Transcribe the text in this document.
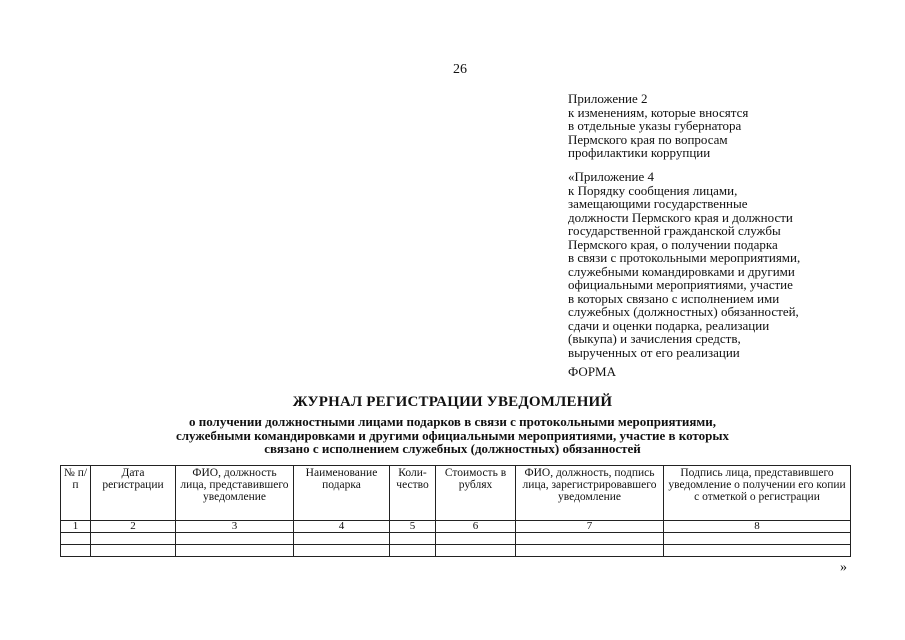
26
Приложение 2
к изменениям, которые вносятся
в отдельные указы губернатора
Пермского края по вопросам
профилактики коррупции
«Приложение 4
к Порядку сообщения лицами,
замещающими государственные
должности Пермского края и должности
государственной гражданской службы
Пермского края, о получении подарка
в связи с протокольными мероприятиями,
служебными командировками и другими
официальными мероприятиями, участие
в которых связано с исполнением ими
служебных (должностных) обязанностей,
сдачи и оценки подарка, реализации
(выкупа) и зачисления средств,
вырученных от его реализации
ФОРМА
ЖУРНАЛ РЕГИСТРАЦИИ УВЕДОМЛЕНИЙ
о получении должностными лицами подарков в связи с протокольными мероприятиями,
служебными командировками и другими официальными мероприятиями, участие в которых
связано с исполнением служебных (должностных) обязанностей
№ п/п	Дата регистрации	ФИО, должность лица, представившего уведомление	Наименование подарка	Коли-чество	Стоимость в рублях	ФИО, должность, подпись лица, зарегистрировавшего уведомление	Подпись лица, представившего уведомление о получении его копии с отметкой о регистрации
1	2	3	4	5	6	7	8

»
